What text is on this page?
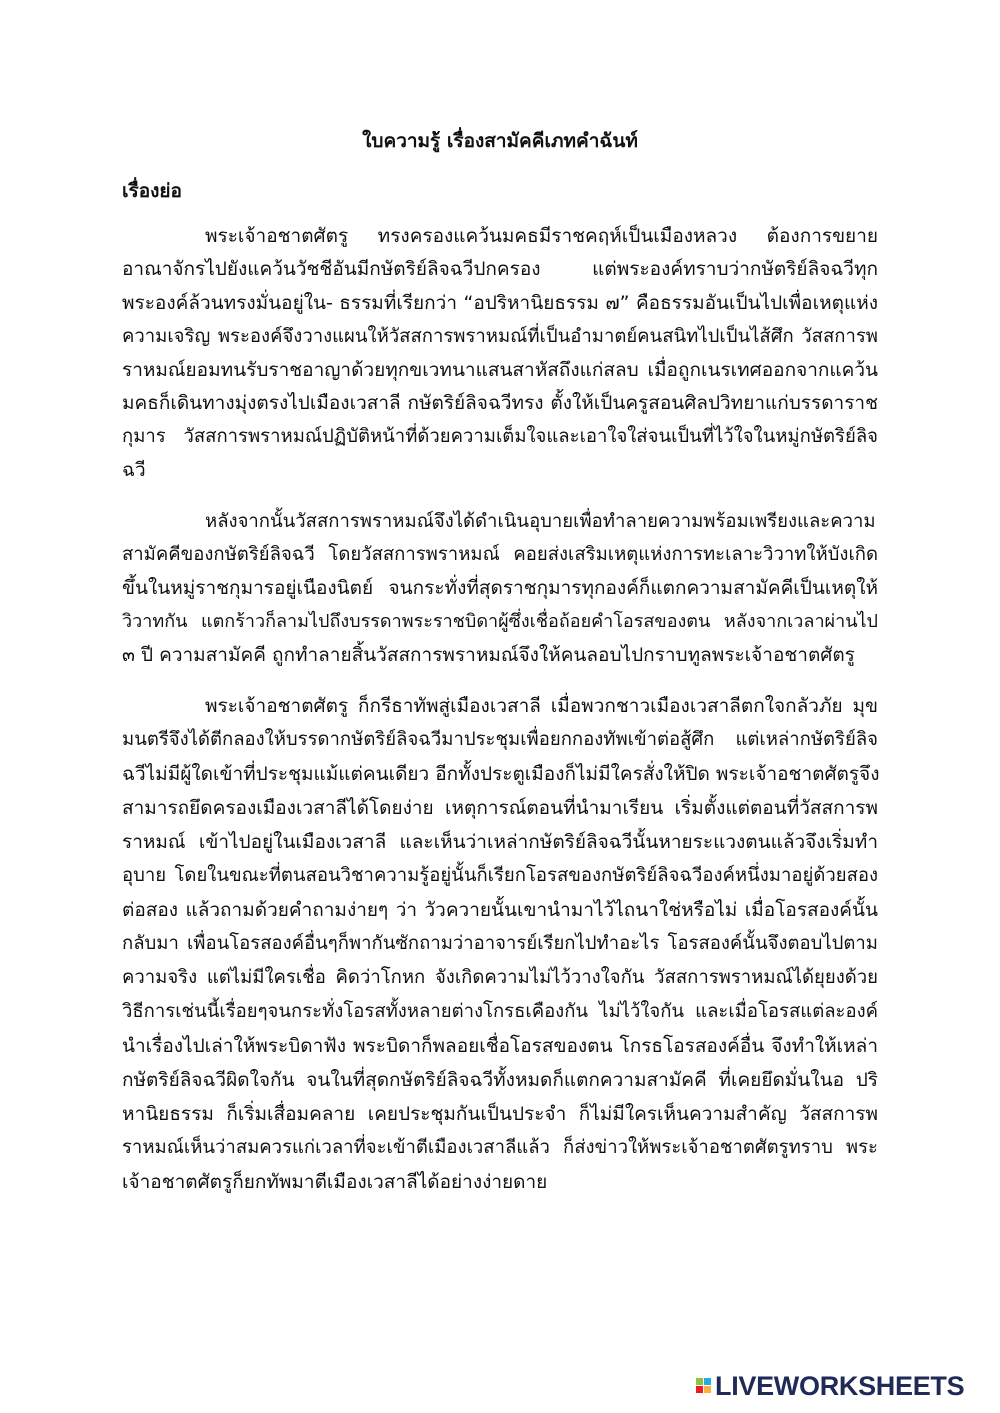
ใบความรู้ เรื่องสามัคคีเภทคำฉันท์
เรื่องย่อ
พระเจ้าอชาตศัตรู ทรงครองแคว้นมคธมีราชคฤห์เป็นเมืองหลวง ต้องการขยาย
อาณาจักรไปยังแคว้นวัชชีอันมีกษัตริย์ลิจฉวีปกครอง แต่พระองค์ทราบว่ากษัตริย์ลิจฉวีทุก
พระองค์ล้วนทรงมั่นอยู่ใน- ธรรมที่เรียกว่า “อปริหานิยธรรม ๗” คือธรรมอันเป็นไปเพื่อเหตุแห่ง
ความเจริญ พระองค์จึงวางแผนให้วัสสการพราหมณ์ที่เป็นอำมาตย์คนสนิทไปเป็นไส้ศึก วัสสการพ
ราหมณ์ยอมทนรับราชอาญาด้วยทุกขเวทนาแสนสาหัสถึงแก่สลบ เมื่อถูกเนรเทศออกจากแคว้น
มคธก็เดินทางมุ่งตรงไปเมืองเวสาลี กษัตริย์ลิจฉวีทรง ตั้งให้เป็นครูสอนศิลปวิทยาแก่บรรดาราช
กุมาร วัสสการพราหมณ์ปฏิบัติหน้าที่ด้วยความเต็มใจและเอาใจใส่จนเป็นที่ไว้ใจในหมู่กษัตริย์ลิจ
ฉวี
หลังจากนั้นวัสสการพราหมณ์จึงได้ดำเนินอุบายเพื่อทำลายความพร้อมเพรียงและความ
สามัคคีของกษัตริย์ลิจฉวี โดยวัสสการพราหมณ์ คอยส่งเสริมเหตุแห่งการทะเลาะวิวาทให้บังเกิด
ขึ้นในหมู่ราชกุมารอยู่เนืองนิตย์ จนกระทั่งที่สุดราชกุมารทุกองค์ก็แตกความสามัคคีเป็นเหตุให้
วิวาทกัน แตกร้าวก็ลามไปถึงบรรดาพระราชบิดาผู้ซึ่งเชื่อถ้อยคำโอรสของตน หลังจากเวลาผ่านไป
๓ ปี ความสามัคคี ถูกทำลายสิ้นวัสสการพราหมณ์จึงให้คนลอบไปกราบทูลพระเจ้าอชาตศัตรู
พระเจ้าอชาตศัตรู ก็กรีธาทัพสู่เมืองเวสาลี เมื่อพวกชาวเมืองเวสาลีตกใจกลัวภัย มุข
มนตรีจึงได้ตีกลองให้บรรดากษัตริย์ลิจฉวีมาประชุมเพื่อยกกองทัพเข้าต่อสู้ศึก แต่เหล่ากษัตริย์ลิจ
ฉวีไม่มีผู้ใดเข้าที่ประชุมแม้แต่คนเดียว อีกทั้งประตูเมืองก็ไม่มีใครสั่งให้ปิด พระเจ้าอชาตศัตรูจึง
สามารถยึดครองเมืองเวสาลีได้โดยง่าย เหตุการณ์ตอนที่นำมาเรียน เริ่มตั้งแต่ตอนที่วัสสการพ
ราหมณ์ เข้าไปอยู่ในเมืองเวสาลี และเห็นว่าเหล่ากษัตริย์ลิจฉวีนั้นหายระแวงตนแล้วจึงเริ่มทำ
อุบาย โดยในขณะที่ตนสอนวิชาความรู้อยู่นั้นก็เรียกโอรสของกษัตริย์ลิจฉวีองค์หนึ่งมาอยู่ด้วยสอง
ต่อสอง แล้วถามด้วยคำถามง่ายๆ ว่า วัวควายนั้นเขานำมาไว้ไถนาใช่หรือไม่ เมื่อโอรสองค์นั้น
กลับมา เพื่อนโอรสองค์อื่นๆก็พากันซักถามว่าอาจารย์เรียกไปทำอะไร โอรสองค์นั้นจึงตอบไปตาม
ความจริง แต่ไม่มีใครเชื่อ คิดว่าโกหก จังเกิดความไม่ไว้วางใจกัน วัสสการพราหมณ์ได้ยุยงด้วย
วิธีการเช่นนี้เรื่อยๆจนกระทั่งโอรสทั้งหลายต่างโกรธเคืองกัน ไม่ไว้ใจกัน และเมื่อโอรสแต่ละองค์
นำเรื่องไปเล่าให้พระบิดาฟัง พระบิดาก็พลอยเชื่อโอรสของตน โกรธโอรสองค์อื่น จึงทำให้เหล่า
กษัตริย์ลิจฉวีผิดใจกัน จนในที่สุดกษัตริย์ลิจฉวีทั้งหมดก็แตกความสามัคคี ที่เคยยึดมั่นในอ ปริ
หานิยธรรม ก็เริ่มเสื่อมคลาย เคยประชุมกันเป็นประจำ ก็ไม่มีใครเห็นความสำคัญ วัสสการพ
ราหมณ์เห็นว่าสมควรแก่เวลาที่จะเข้าตีเมืองเวสาลีแล้ว ก็ส่งข่าวให้พระเจ้าอชาตศัตรูทราบ พระ
เจ้าอชาตศัตรูก็ยกทัพมาตีเมืองเวสาลีได้อย่างง่ายดาย
LIVEWORKSHEETS
